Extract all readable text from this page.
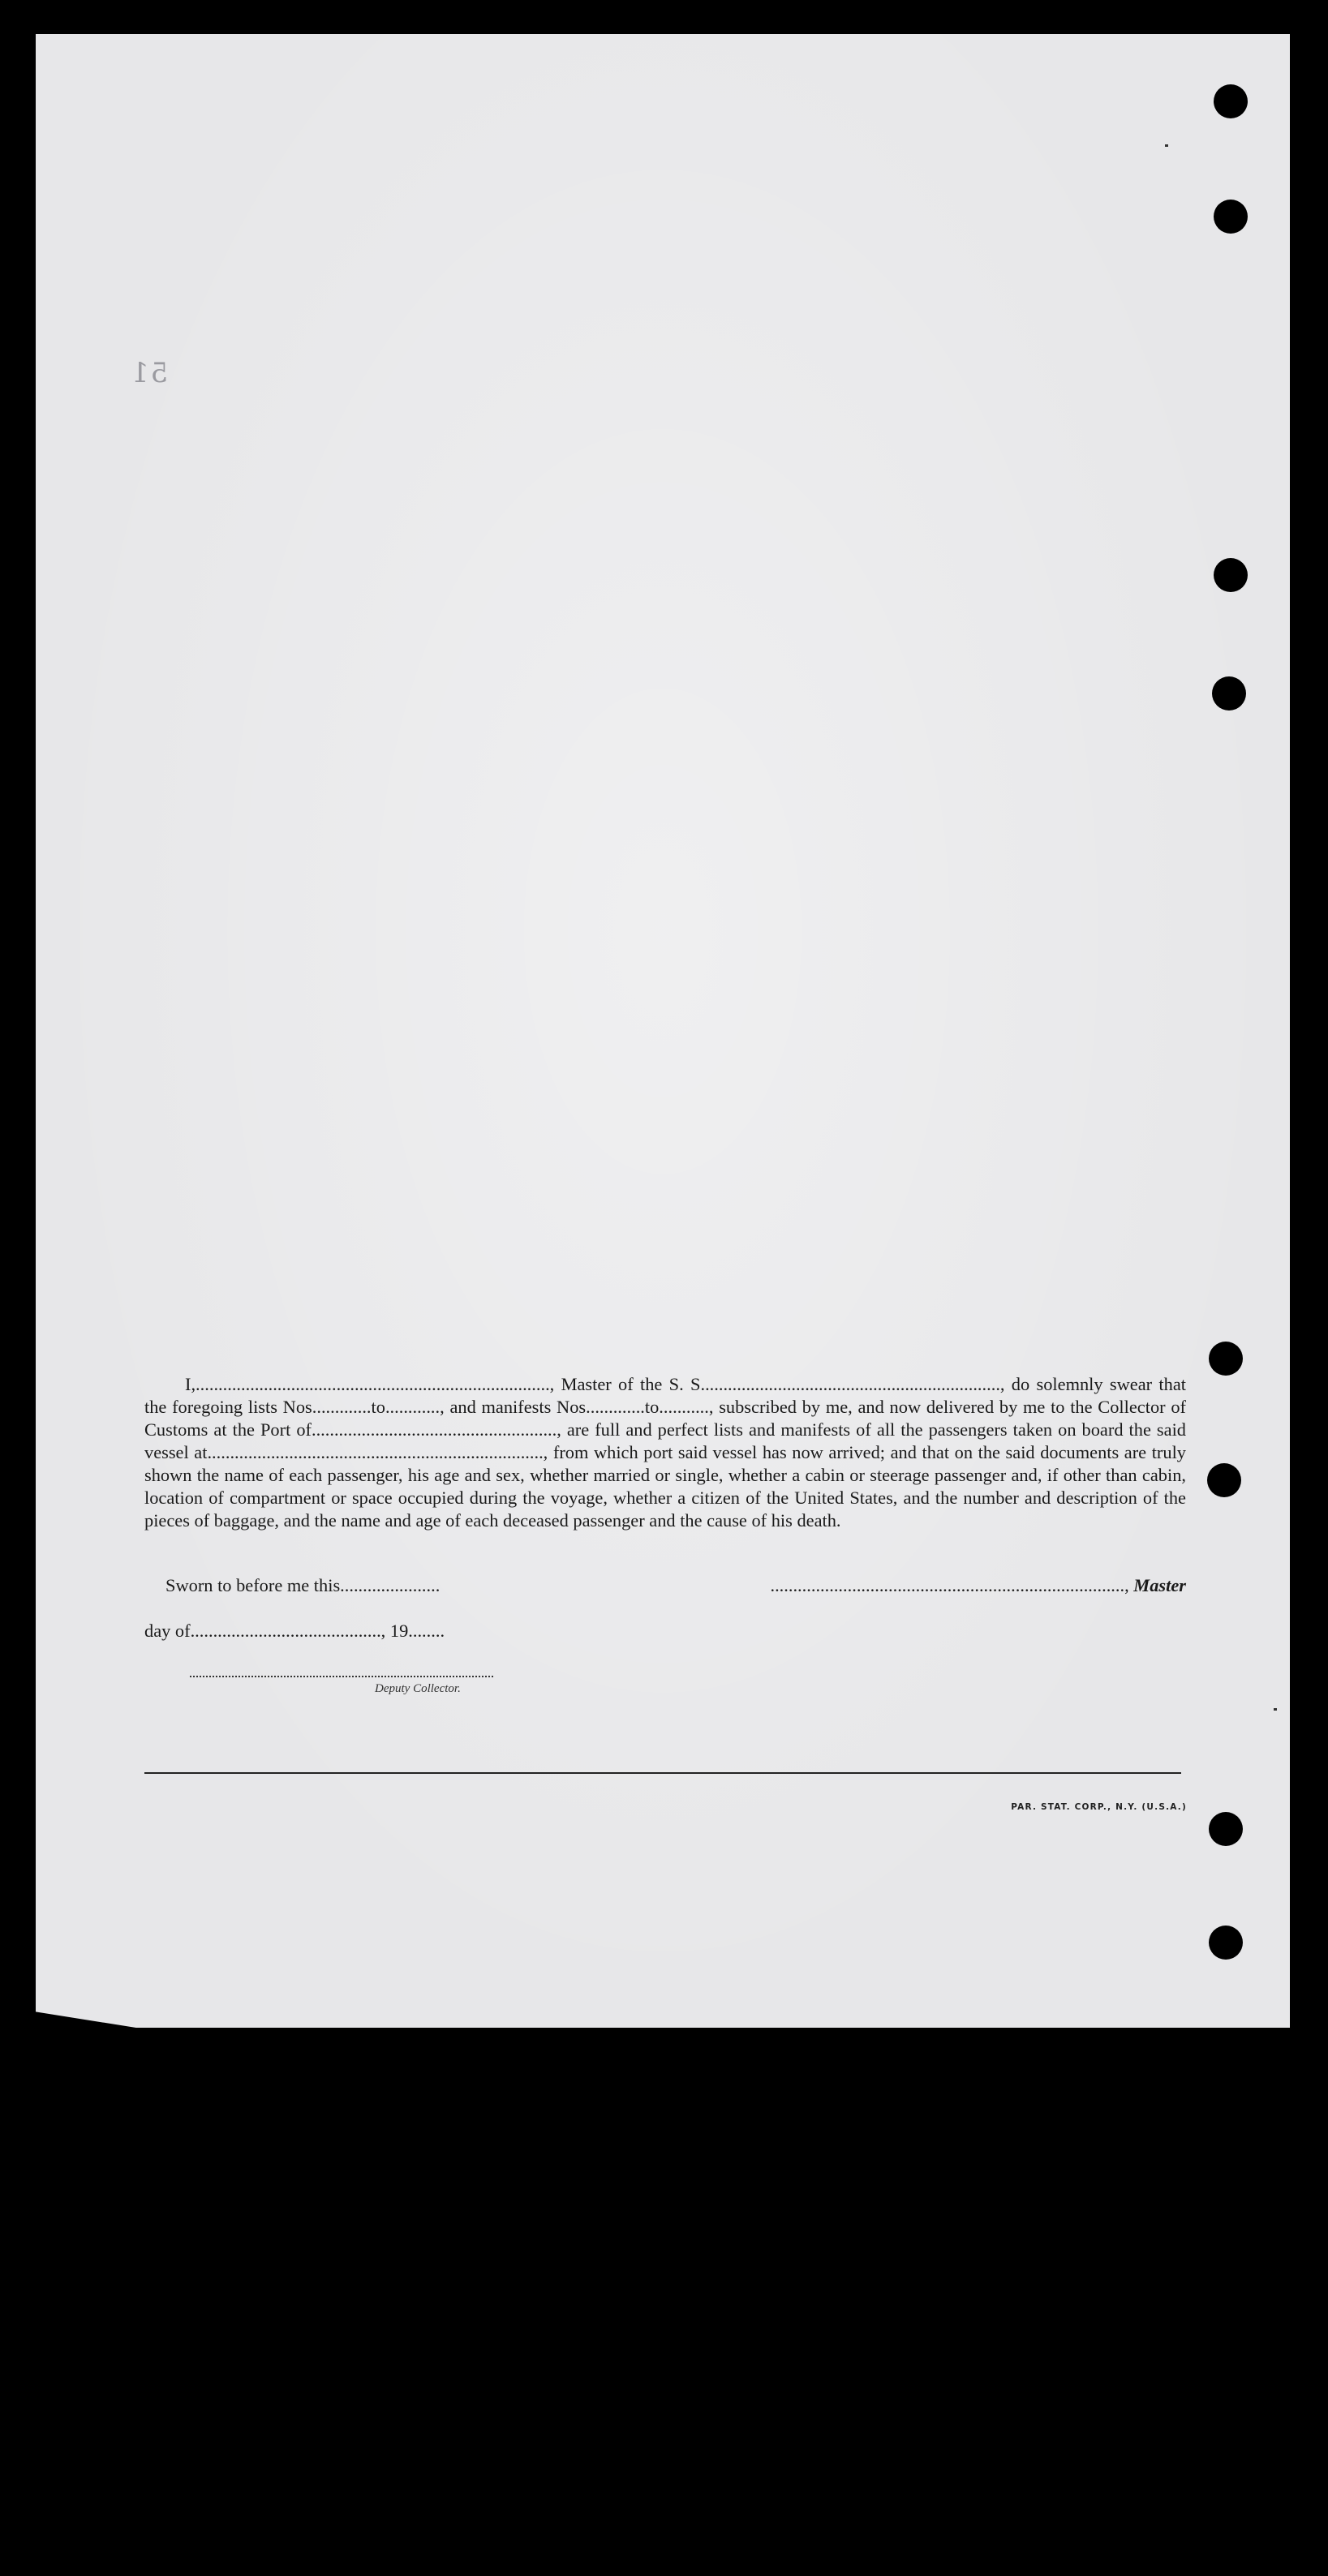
51

I,.............................................................................., Master of the S. S.................................................................., do solemnly swear that the foregoing lists Nos.............to............, and manifests Nos.............to..........., subscribed by me, and now delivered by me to the Collector of Customs at the Port of......................................................, are full and perfect lists and manifests of all the passengers taken on board the said vessel at.........................................................................., from which port said vessel has now arrived; and that on the said documents are truly shown the name of each passenger, his age and sex, whether married or single, whether a cabin or steerage passenger and, if other than cabin, location of compartment or space occupied during the voyage, whether a citizen of the United States, and the number and description of the pieces of baggage, and the name and age of each deceased passenger and the cause of his death.

Sworn to before me this......................	.............................................................................., Master
day of.........................................., 19........
Deputy Collector.
PAR. STAT. CORP., N.Y. (U.S.A.)
